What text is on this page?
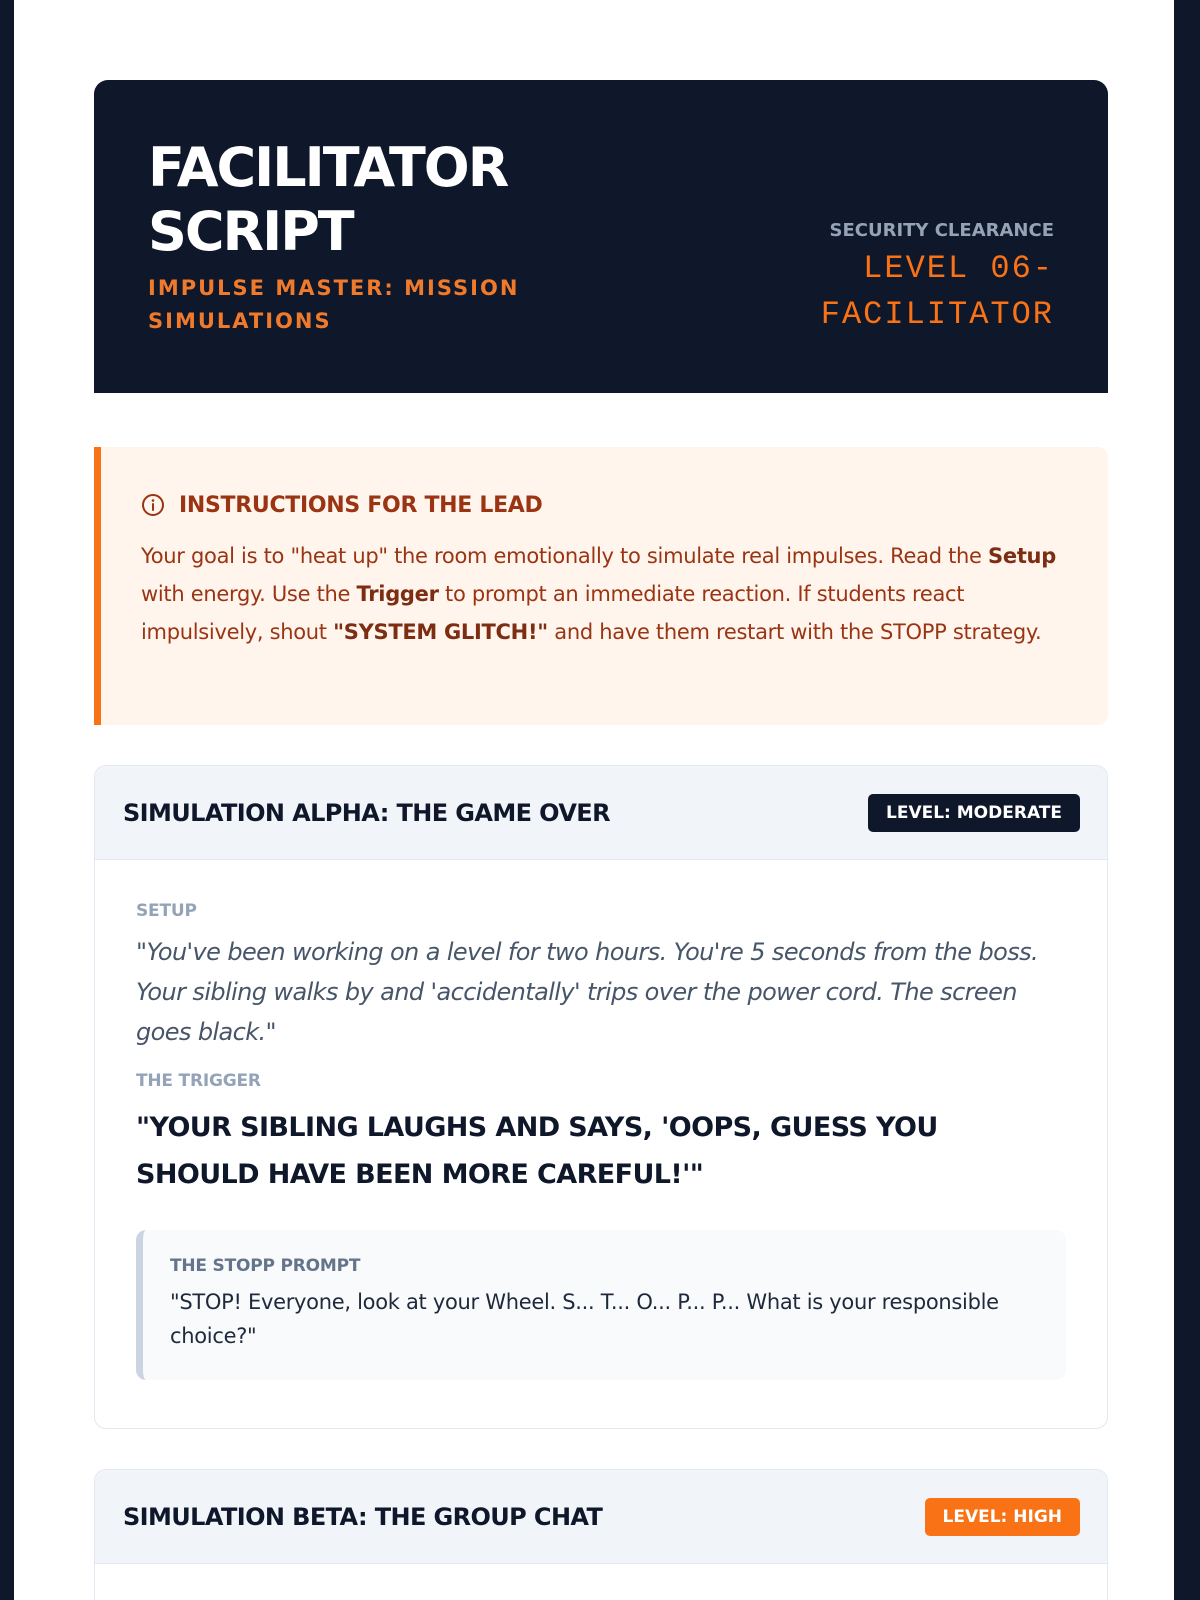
FACILITATOR SCRIPT
IMPULSE MASTER: MISSION SIMULATIONS
SECURITY CLEARANCE
LEVEL 06-FACILITATOR
INSTRUCTIONS FOR THE LEAD

Your goal is to "heat up" the room emotionally to simulate real impulses. Read the Setup with energy. Use the Trigger to prompt an immediate reaction. If students react impulsively, shout "SYSTEM GLITCH!" and have them restart with the STOPP strategy.

SIMULATION ALPHA: THE GAME OVER	LEVEL: MODERATE
SETUP

"You've been working on a level for two hours. You're 5 seconds from the boss. Your sibling walks by and 'accidentally' trips over the power cord. The screen goes black."

THE TRIGGER

"YOUR SIBLING LAUGHS AND SAYS, 'OOPS, GUESS YOU SHOULD HAVE BEEN MORE CAREFUL!'"

THE STOPP PROMPT

"STOP! Everyone, look at your Wheel. S... T... O... P... P... What is your responsible choice?"

SIMULATION BETA: THE GROUP CHAT	LEVEL: HIGH
